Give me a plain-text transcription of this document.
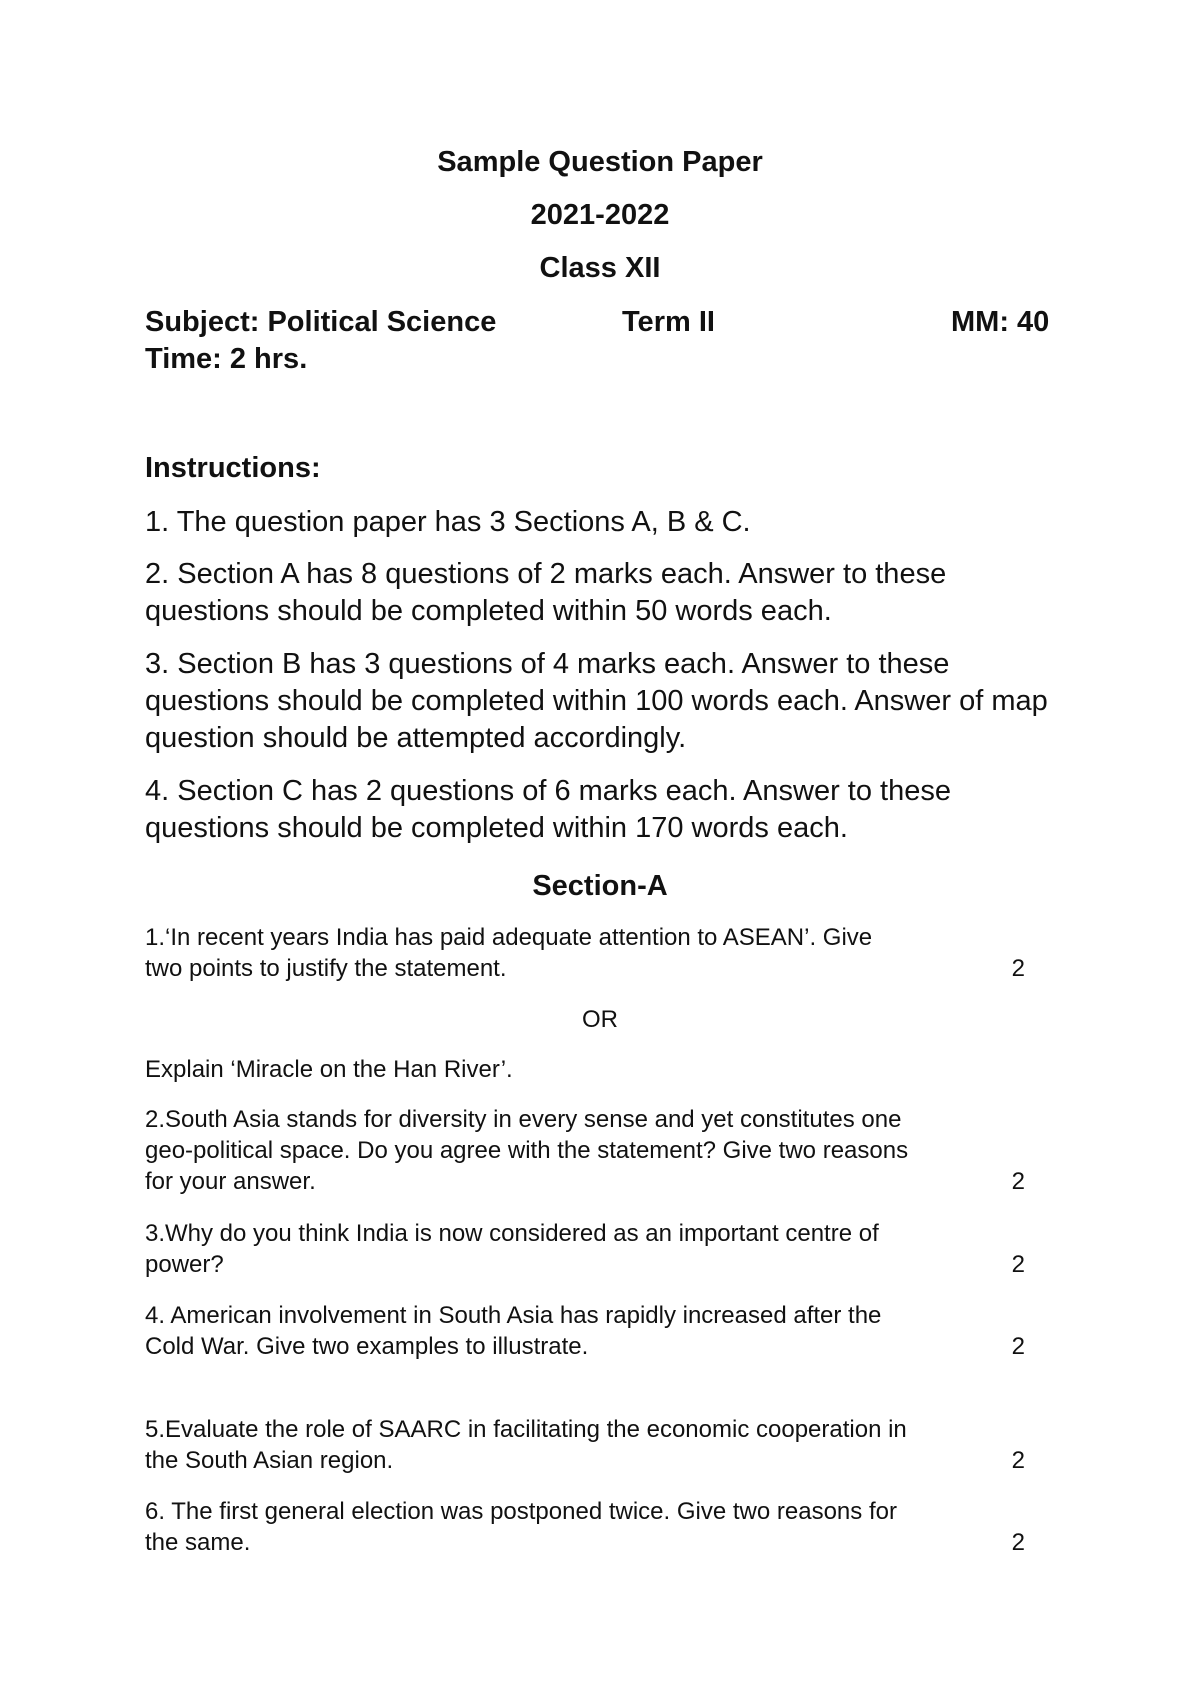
Sample Question Paper

2021-2022

Class XII

Subject: Political Science	Term II	MM: 40

Time: 2 hrs.

Instructions:

1. The question paper has 3 Sections A, B & C.

2. Section A has 8 questions of 2 marks each. Answer to these questions should be completed within 50 words each.

3. Section B has 3 questions of 4 marks each. Answer to these questions should be completed within 100 words each. Answer of map question should be attempted accordingly.

4. Section C has 2 questions of 6 marks each. Answer to these questions should be completed within 170 words each.

Section-A

1.‘In recent years India has paid adequate attention to ASEAN’. Give
two points to justify the statement.	2

OR

Explain ‘Miracle on the Han River’.

2.South Asia stands for diversity in every sense and yet constitutes one
geo-political space. Do you agree with the statement? Give two reasons
for your answer.	2
3.Why do you think India is now considered as an important centre of
power?	2
4. American involvement in South Asia has rapidly increased after the
Cold War. Give two examples to illustrate.	2
5.Evaluate the role of SAARC in facilitating the economic cooperation in
the South Asian region.	2
6. The first general election was postponed twice. Give two reasons for
the same.	2
